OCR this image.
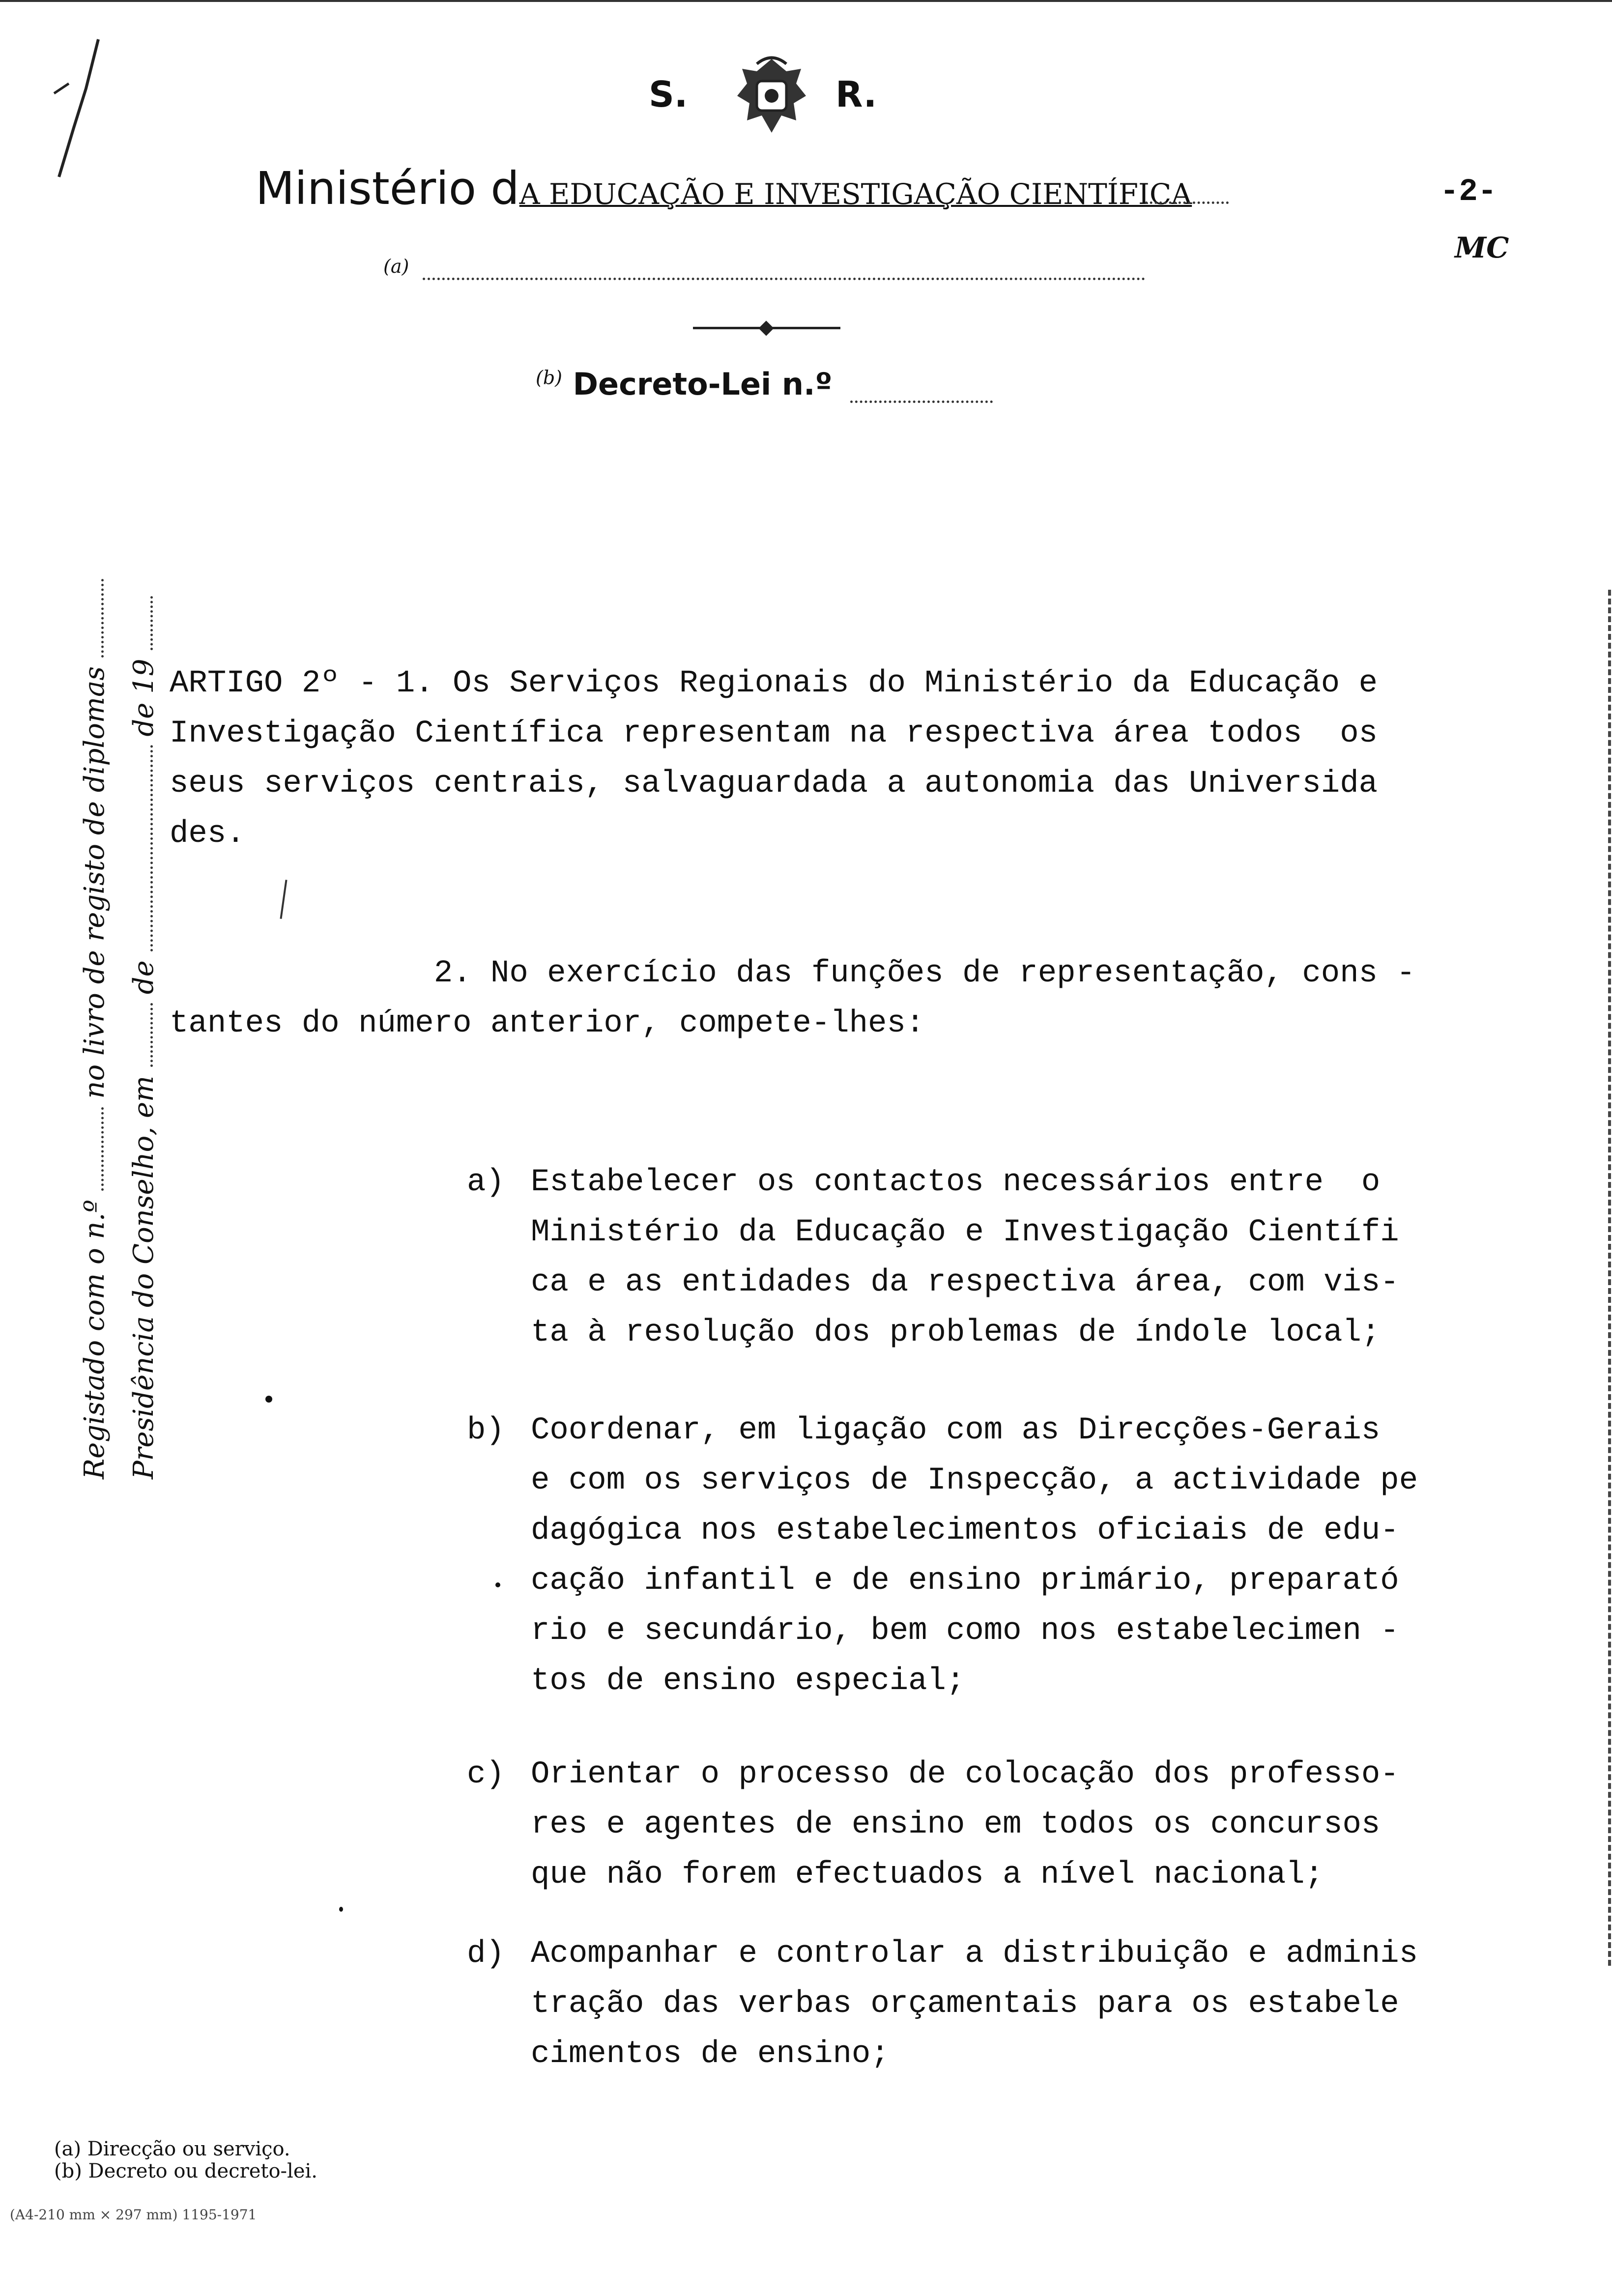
S.	R.
Ministério dA EDUCAÇÃO E INVESTIGAÇÃO CIENTÍFICA	-2-
MC
(a)
$^{(b)}$ Decreto-Lei n.º
Registado com o n.º  no livro de registo de diplomas
Presidência do Conselho, em  de  de 19 ARTIGO 2º - 1. Os Serviços Regionais do Ministério da Educação e
Investigação Científica representam na respectiva área todos  os
seus serviços centrais, salvaguardada a autonomia das Universida
des.
2. No exercício das funções de representação, cons -
tantes do número anterior, compete-lhes:

a)

Estabelecer os contactos necessários entre  o
Ministério da Educação e Investigação Científi
ca e as entidades da respectiva área, com vis-
ta à resolução dos problemas de índole local;

b)

Coordenar, em ligação com as Direcções-Gerais
e com os serviços de Inspecção, a actividade pe
dagógica nos estabelecimentos oficiais de edu-
cação infantil e de ensino primário, preparató
rio e secundário, bem como nos estabelecimen -
tos de ensino especial;

c)

Orientar o processo de colocação dos professo-
res e agentes de ensino em todos os concursos
que não forem efectuados a nível nacional;

d)

Acompanhar e controlar a distribuição e adminis
tração das verbas orçamentais para os estabele
cimentos de ensino;

(a) Direcção ou serviço.
(b) Decreto ou decreto-lei.
(A4-210 mm × 297 mm) 1195-1971
